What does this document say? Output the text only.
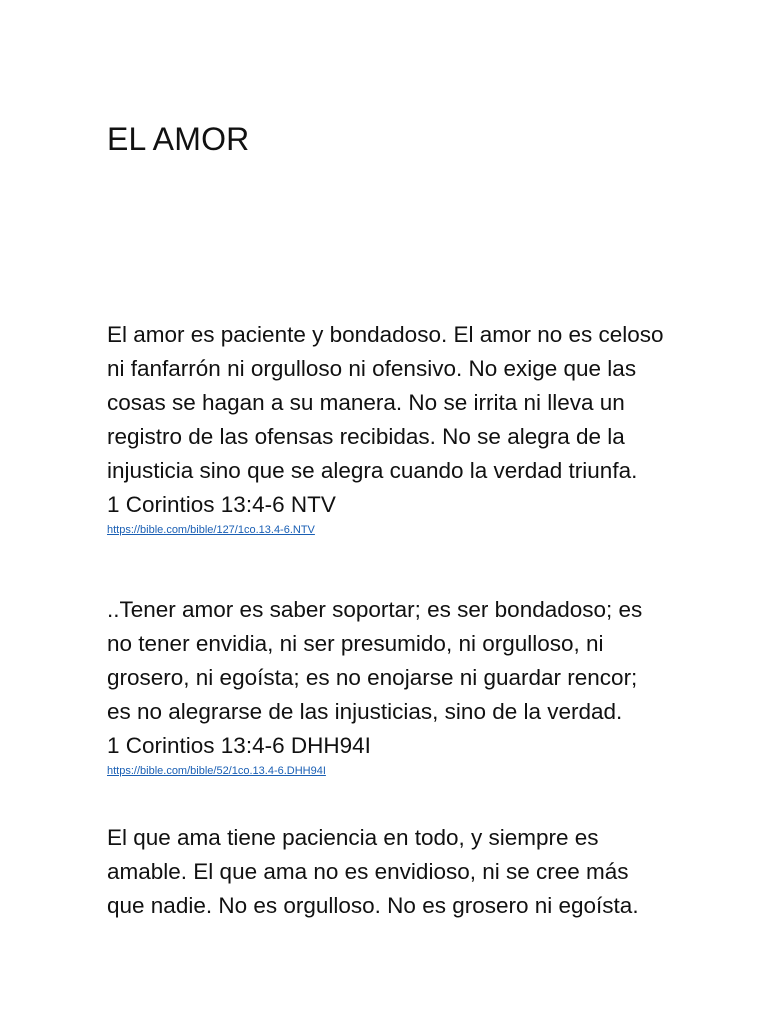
EL AMOR

El amor es paciente y bondadoso. El amor no es celoso ni fanfarrón ni orgulloso ni ofensivo. No exige que las cosas se hagan a su manera. No se irrita ni lleva un registro de las ofensas recibidas. No se alegra de la injusticia sino que se alegra cuando la verdad triunfa.

1 Corintios 13:4-6 NTV

https://bible.com/bible/127/1co.13.4-6.NTV

..Tener amor es saber soportar; es ser bondadoso; es no tener envidia, ni ser presumido, ni orgulloso, ni grosero, ni egoísta; es no enojarse ni guardar rencor; es no alegrarse de las injusticias, sino de la verdad.

1 Corintios 13:4-6 DHH94I

https://bible.com/bible/52/1co.13.4-6.DHH94I

El que ama tiene paciencia en todo, y siempre es amable. El que ama no es envidioso, ni se cree más que nadie. No es orgulloso. No es grosero ni egoísta.
